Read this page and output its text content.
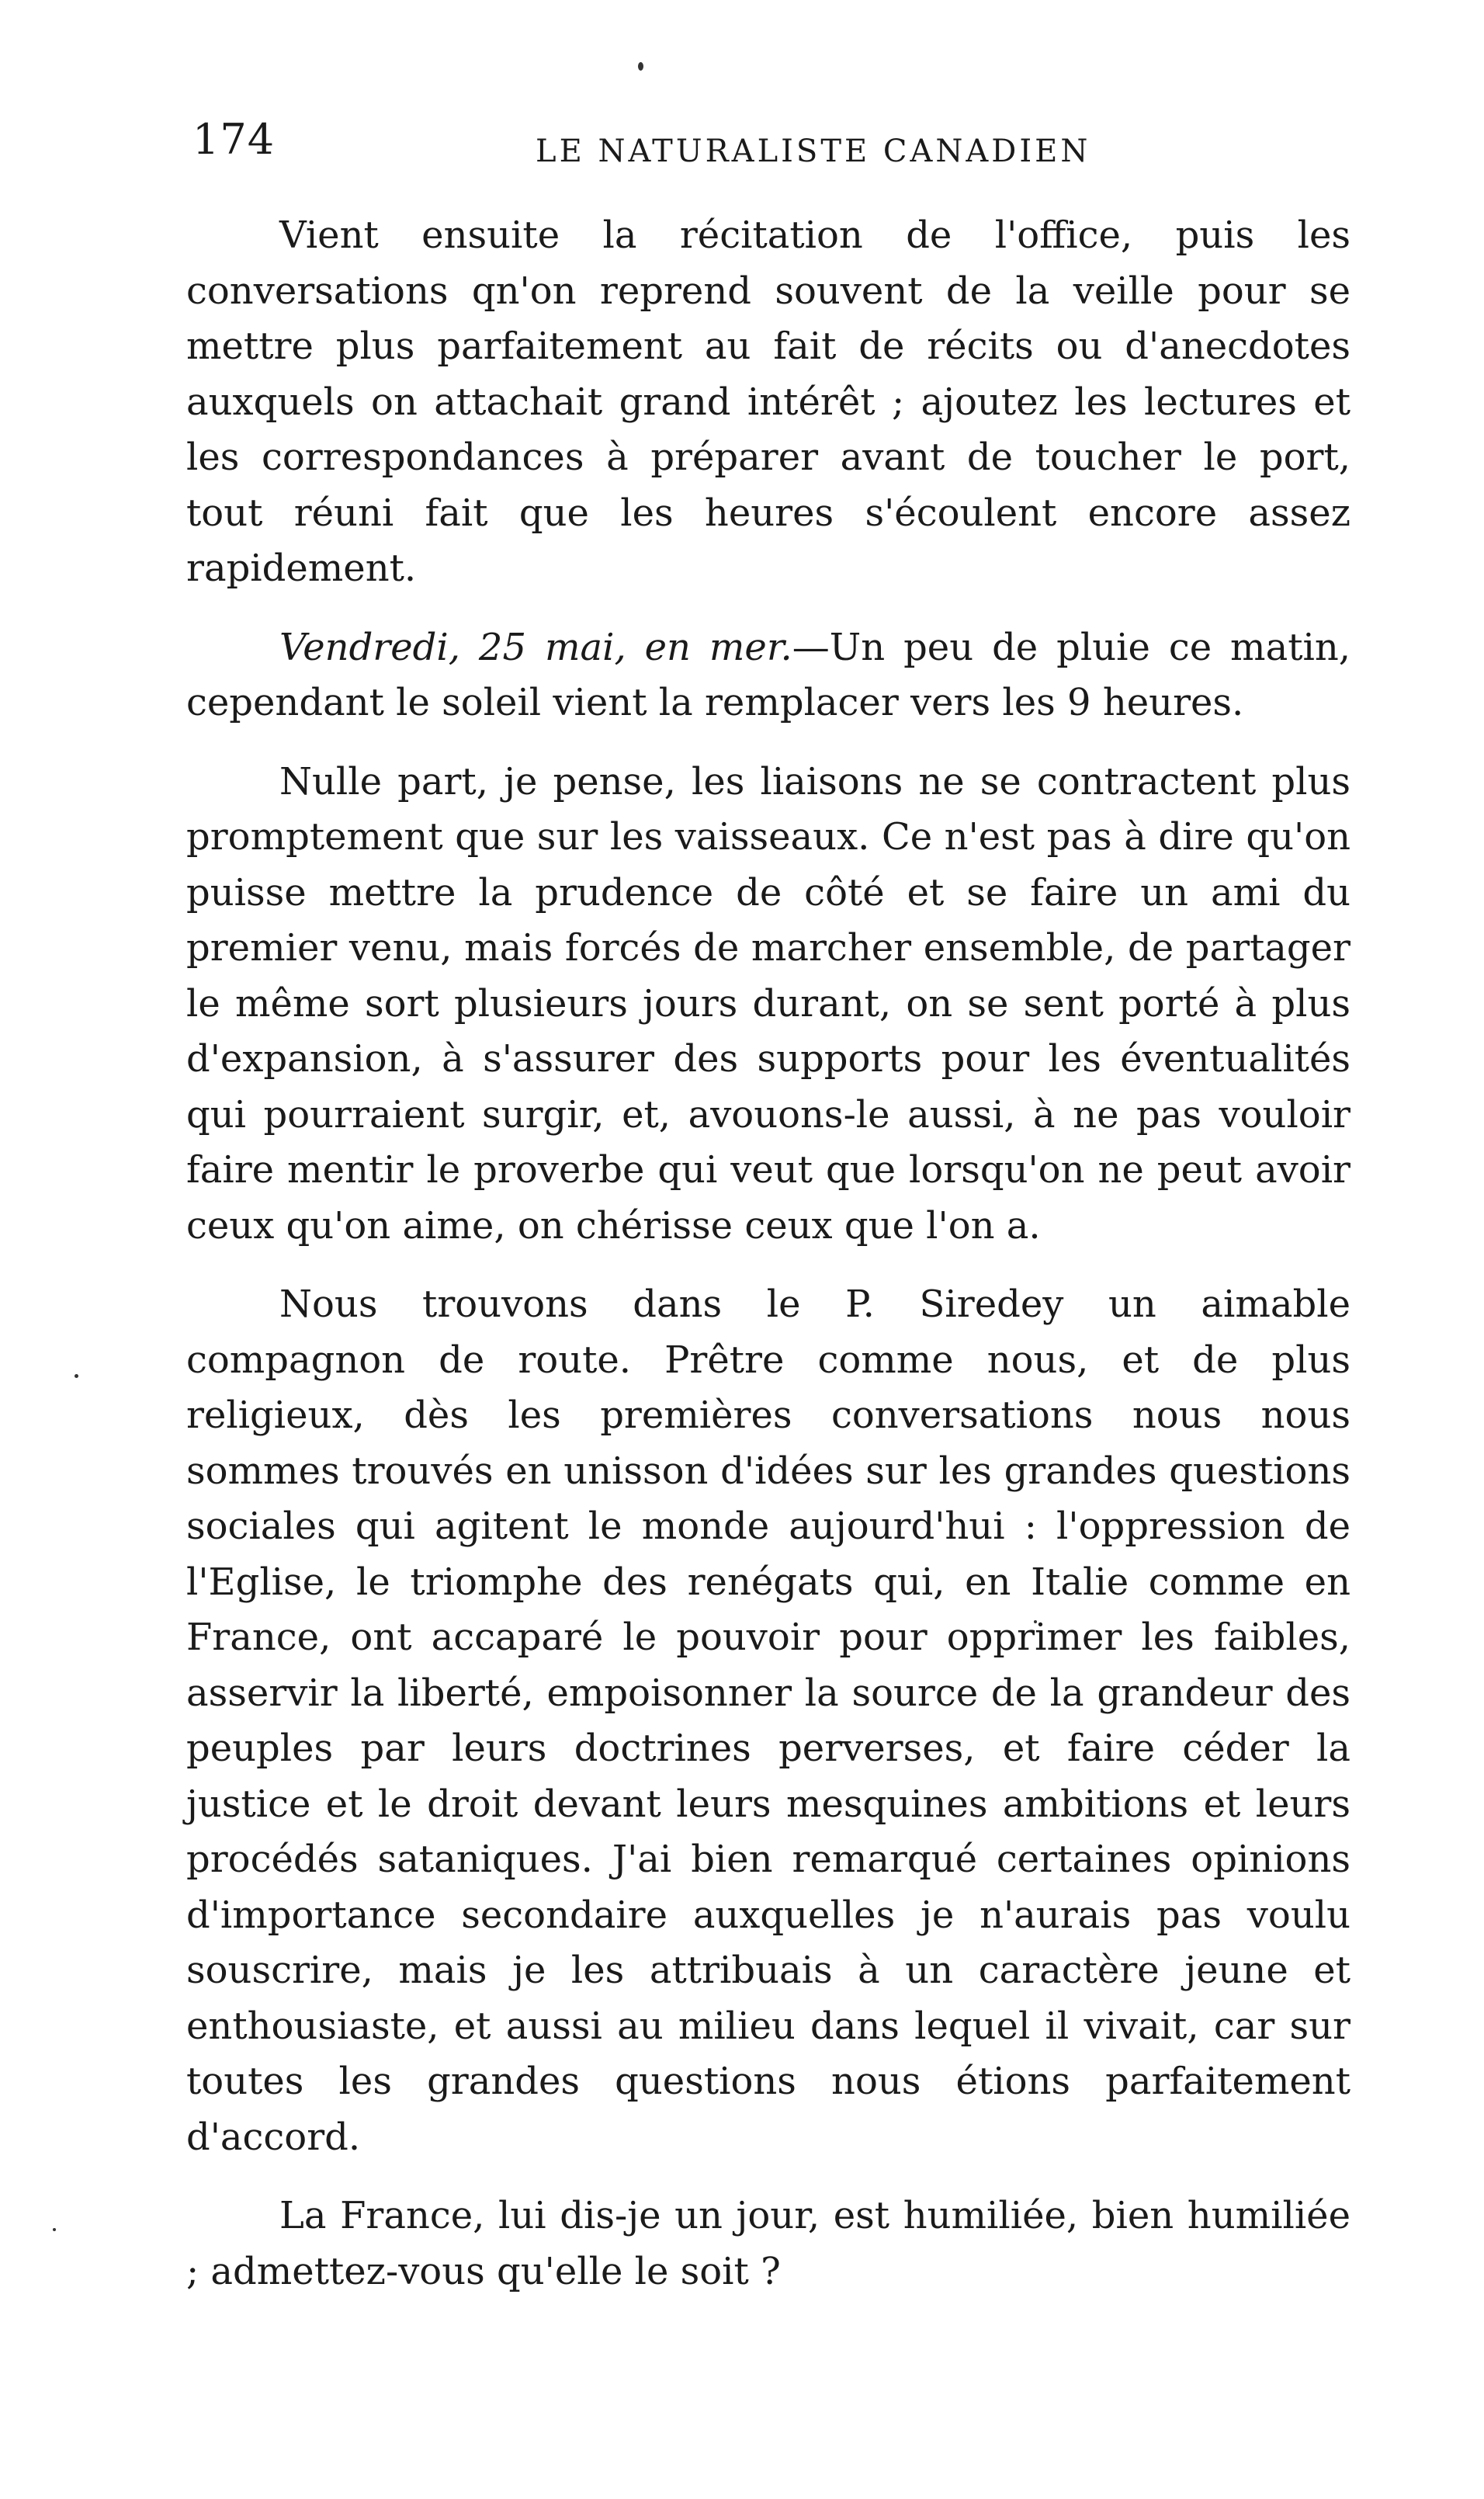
174	LE NATURALISTE CANADIEN

Vient ensuite la récitation de l'office, puis les conversations qn'on reprend souvent de la veille pour se mettre plus parfaitement au fait de récits ou d'anecdotes auxquels on attachait grand intérêt ; ajoutez les lectures et les correspondances à préparer avant de toucher le port, tout réuni fait que les heures s'écoulent encore assez rapidement.

Vendredi, 25 mai, en mer.—Un peu de pluie ce matin, cependant le soleil vient la remplacer vers les 9 heures.

Nulle part, je pense, les liaisons ne se contractent plus promptement que sur les vaisseaux. Ce n'est pas à dire qu'on puisse mettre la prudence de côté et se faire un ami du premier venu, mais forcés de marcher ensemble, de partager le même sort plusieurs jours durant, on se sent porté à plus d'expansion, à s'assurer des supports pour les éventualités qui pourraient surgir, et, avouons-le aussi, à ne pas vouloir faire mentir le proverbe qui veut que lorsqu'on ne peut avoir ceux qu'on aime, on chérisse ceux que l'on a.

Nous trouvons dans le P. Siredey un aimable compagnon de route. Prêtre comme nous, et de plus religieux, dès les premières conversations nous nous sommes trouvés en unisson d'idées sur les grandes questions sociales qui agitent le monde aujourd'hui : l'oppression de l'Eglise, le triomphe des renégats qui, en Italie comme en France, ont accaparé le pouvoir pour opprimer les faibles, asservir la liberté, empoisonner la source de la grandeur des peuples par leurs doctrines perverses, et faire céder la justice et le droit devant leurs mesquines ambitions et leurs procédés sataniques. J'ai bien remarqué certaines opinions d'importance secondaire auxquelles je n'aurais pas voulu souscrire, mais je les attribuais à un caractère jeune et enthousiaste, et aussi au milieu dans lequel il vivait, car sur toutes les grandes questions nous étions parfaitement d'accord.

La France, lui dis-je un jour, est humiliée, bien humiliée ; admettez-vous qu'elle le soit ?
